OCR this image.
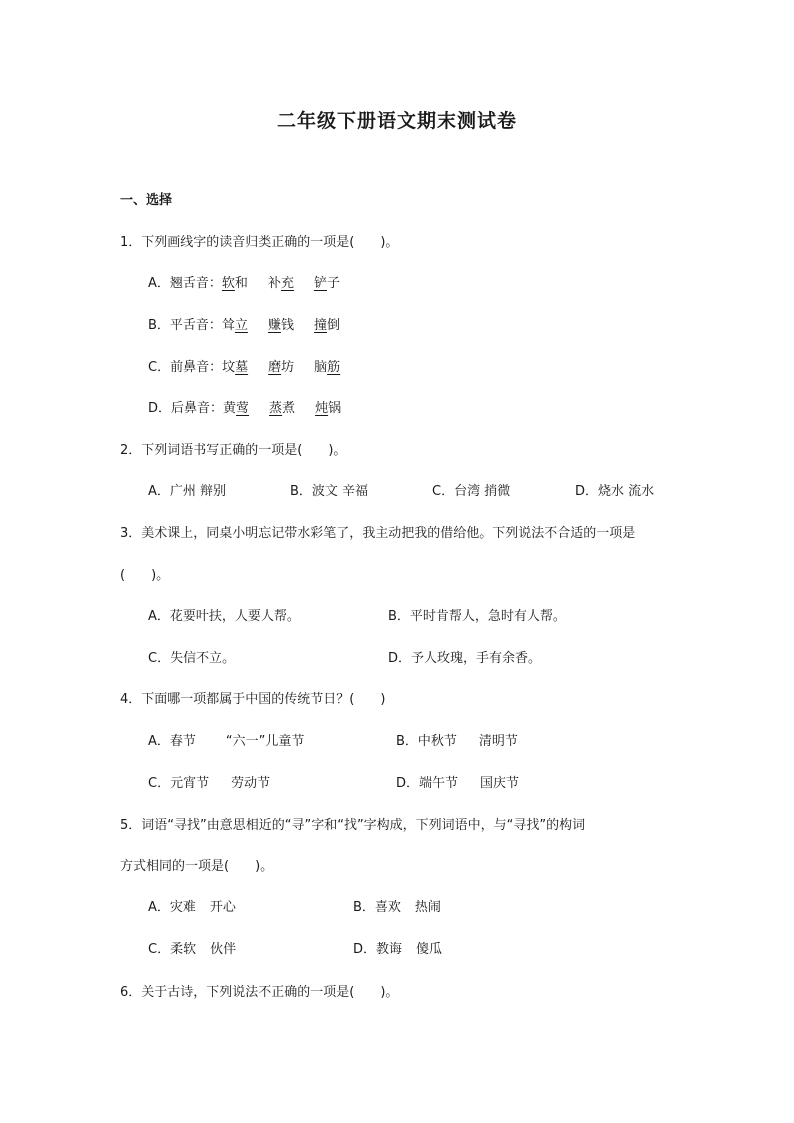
二年级下册语文期末测试卷
一、选择
1．下列画线字的读音归类正确的一项是(　　)。
A．翘舌音：软和 补充 铲子
B．平舌音：耸立 赚钱 撞倒
C．前鼻音：坟墓 磨坊 脑筋
D．后鼻音：黄莺 蒸煮 炖锅
2．下列词语书写正确的一项是(　　)。
A．广州 辩别	B．波文 辛福	C．台湾 捎微	D．烧水 流水
3．美术课上，同桌小明忘记带水彩笔了，我主动把我的借给他。下列说法不合适的一项是
(　　)。
A．花要叶扶，人要人帮。	B．平时肯帮人，急时有人帮。
C．失信不立。	D．予人玫瑰，手有余香。
4．下面哪一项都属于中国的传统节日？(　　)
A．春节 “六一”儿童节	B．中秋节 清明节
C．元宵节 劳动节	D．端午节 国庆节
5．词语“寻找”由意思相近的“寻”字和“找”字构成，下列词语中，与“寻找”的构词
方式相同的一项是(　　)。
A．灾难 开心	B．喜欢 热闹
C．柔软 伙伴	D．教诲 傻瓜
6．关于古诗，下列说法不正确的一项是(　　)。
